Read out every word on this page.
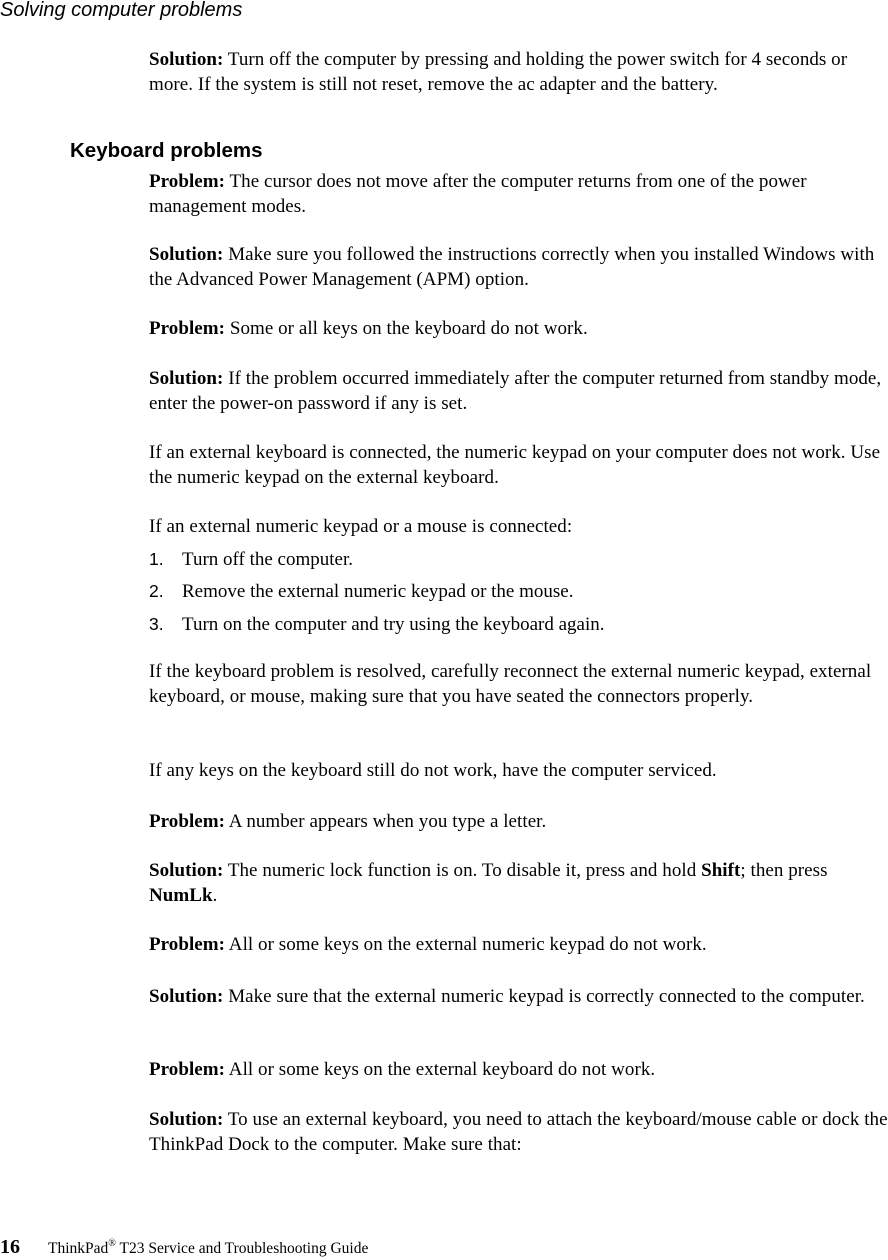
Solving computer problems

Solution: Turn off the computer by pressing and holding the power switch for 4 seconds or more. If the system is still not reset, remove the ac adapter and the battery.

Keyboard problems

Problem: The cursor does not move after the computer returns from one of the power management modes.

Solution: Make sure you followed the instructions correctly when you installed Windows with the Advanced Power Management (APM) option.

Problem: Some or all keys on the keyboard do not work.

Solution: If the problem occurred immediately after the computer returned from standby mode, enter the power-on password if any is set.

If an external keyboard is connected, the numeric keypad on your computer does not work. Use the numeric keypad on the external keyboard.

If an external numeric keypad or a mouse is connected:

1. Turn off the computer.
2. Remove the external numeric keypad or the mouse.
3. Turn on the computer and try using the keyboard again.

If the keyboard problem is resolved, carefully reconnect the external numeric keypad, external keyboard, or mouse, making sure that you have seated the connectors properly.

If any keys on the keyboard still do not work, have the computer serviced.

Problem: A number appears when you type a letter.

Solution: The numeric lock function is on. To disable it, press and hold Shift; then press NumLk.

Problem: All or some keys on the external numeric keypad do not work.

Solution: Make sure that the external numeric keypad is correctly connected to the computer.

Problem: All or some keys on the external keyboard do not work.

Solution: To use an external keyboard, you need to attach the keyboard/mouse cable or dock the ThinkPad Dock to the computer. Make sure that:

16 ThinkPad® T23 Service and Troubleshooting Guide
